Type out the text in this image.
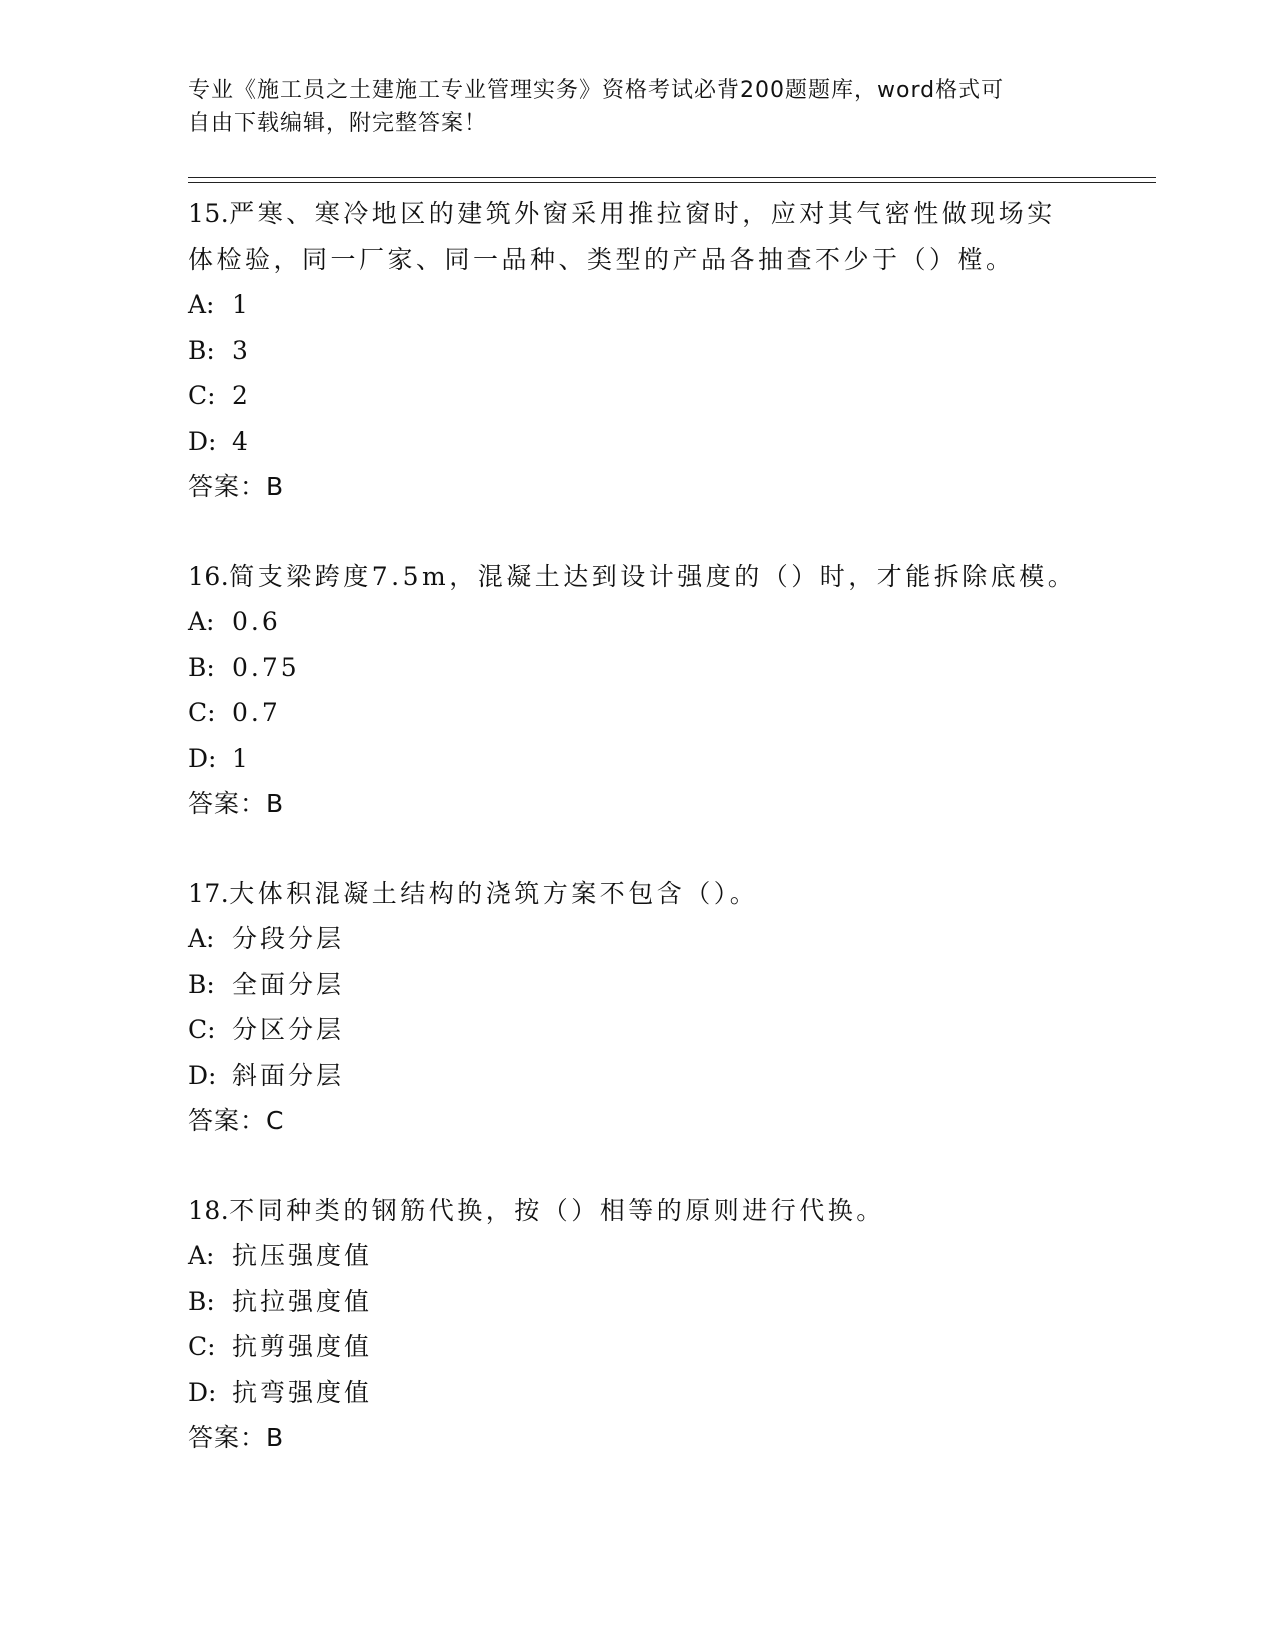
专业《施工员之土建施工专业管理实务》资格考试必背200题题库，word格式可
自由下载编辑，附完整答案！
15.严寒、寒冷地区的建筑外窗采用推拉窗时，应对其气密性做现场实
体检验，同一厂家、同一品种、类型的产品各抽查不少于（）樘。
A: 1
B: 3
C: 2
D: 4
答案：B
16.简支梁跨度7.5m，混凝土达到设计强度的（）时，才能拆除底模。
A: 0.6
B: 0.75
C: 0.7
D: 1
答案：B
17.大体积混凝土结构的浇筑方案不包含（）。
A: 分段分层
B: 全面分层
C: 分区分层
D: 斜面分层
答案：C
18.不同种类的钢筋代换，按（）相等的原则进行代换。
A: 抗压强度值
B: 抗拉强度值
C: 抗剪强度值
D: 抗弯强度值
答案：B
